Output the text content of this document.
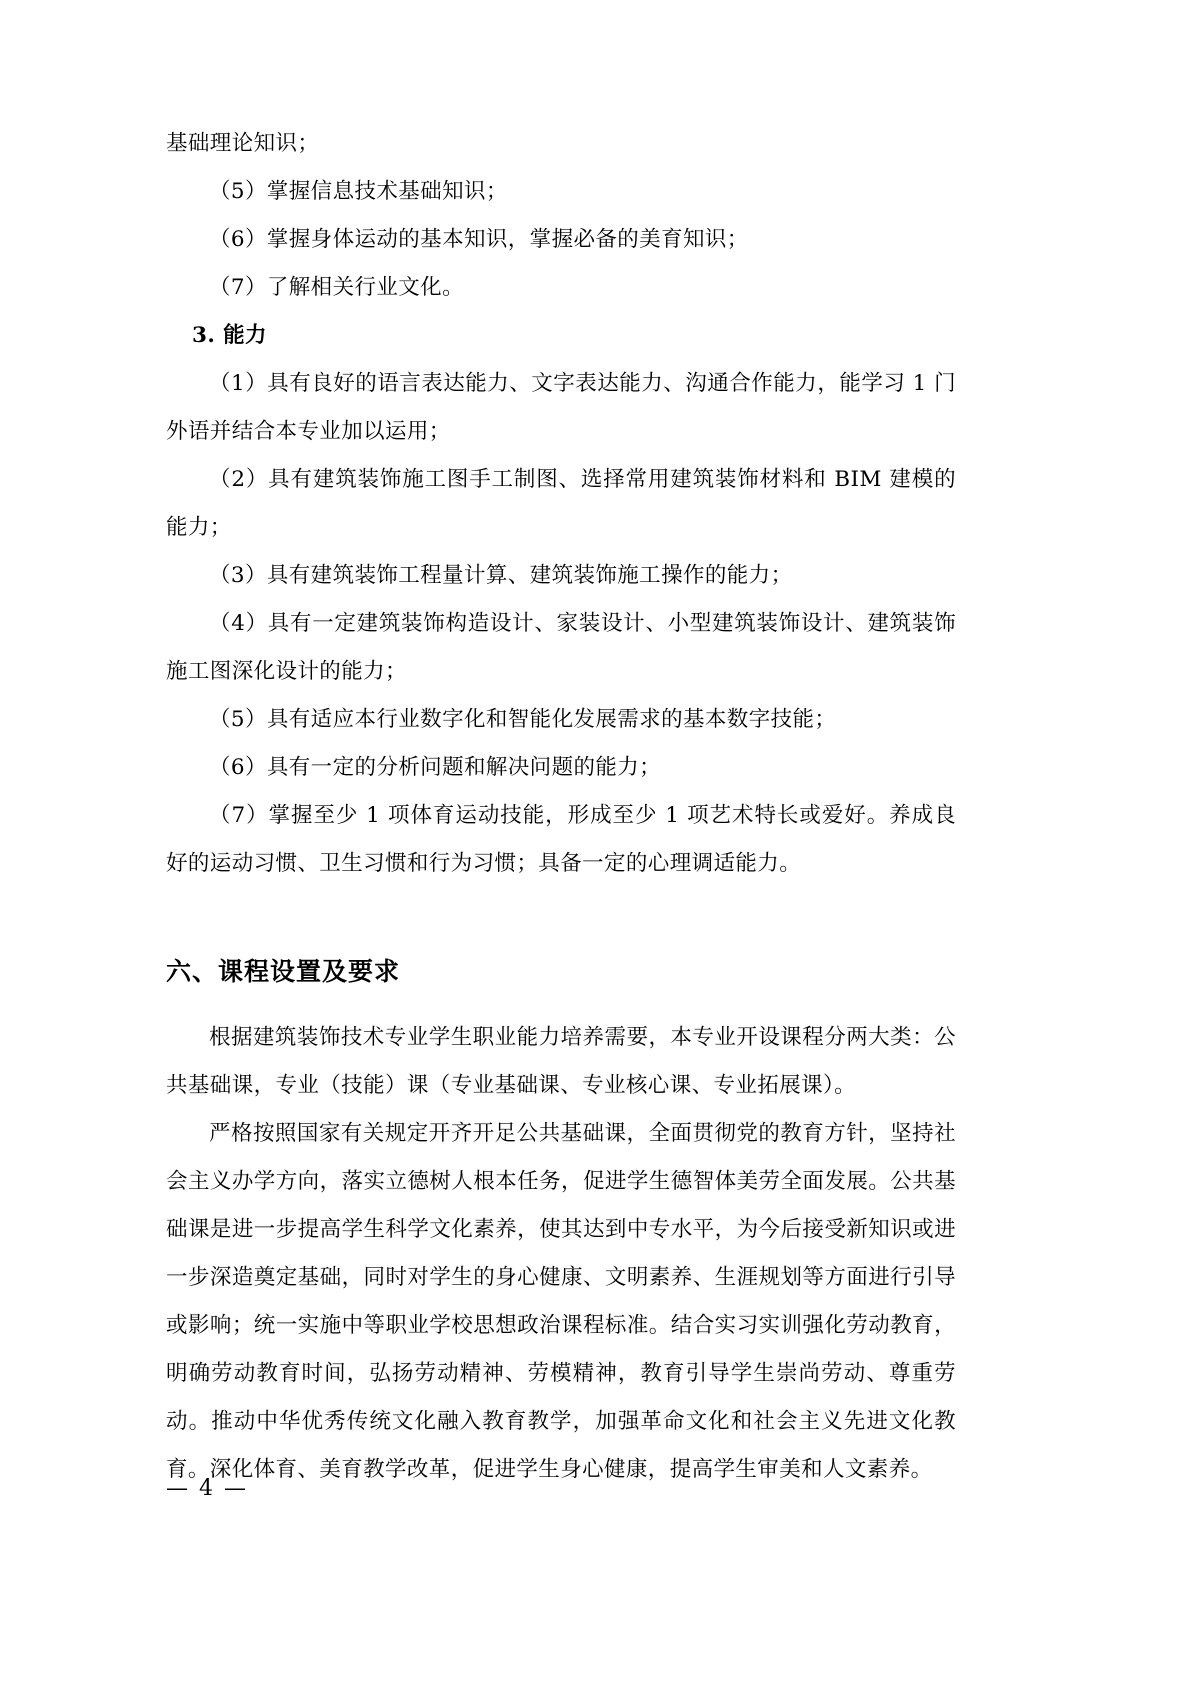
基础理论知识；

（5）掌握信息技术基础知识；

（6）掌握身体运动的基本知识，掌握必备的美育知识；

（7）了解相关行业文化。

3. 能力

（1）具有良好的语言表达能力、文字表达能力、沟通合作能力，能学习 1 门外语并结合本专业加以运用；

（2）具有建筑装饰施工图手工制图、选择常用建筑装饰材料和 BIM 建模的能力；

（3）具有建筑装饰工程量计算、建筑装饰施工操作的能力；

（4）具有一定建筑装饰构造设计、家装设计、小型建筑装饰设计、建筑装饰施工图深化设计的能力；

（5）具有适应本行业数字化和智能化发展需求的基本数字技能；

（6）具有一定的分析问题和解决问题的能力；

（7）掌握至少 1 项体育运动技能，形成至少 1 项艺术特长或爱好。养成良好的运动习惯、卫生习惯和行为习惯；具备一定的心理调适能力。

六、课程设置及要求

根据建筑装饰技术专业学生职业能力培养需要，本专业开设课程分两大类：公共基础课，专业（技能）课（专业基础课、专业核心课、专业拓展课）。

严格按照国家有关规定开齐开足公共基础课，全面贯彻党的教育方针，坚持社会主义办学方向，落实立德树人根本任务，促进学生德智体美劳全面发展。公共基础课是进一步提高学生科学文化素养，使其达到中专水平，为今后接受新知识或进一步深造奠定基础，同时对学生的身心健康、文明素养、生涯规划等方面进行引导或影响；统一实施中等职业学校思想政治课程标准。结合实习实训强化劳动教育，明确劳动教育时间，弘扬劳动精神、劳模精神，教育引导学生崇尚劳动、尊重劳动。推动中华优秀传统文化融入教育教学，加强革命文化和社会主义先进文化教育。深化体育、美育教学改革，促进学生身心健康，提高学生审美和人文素养。

— 4 —
